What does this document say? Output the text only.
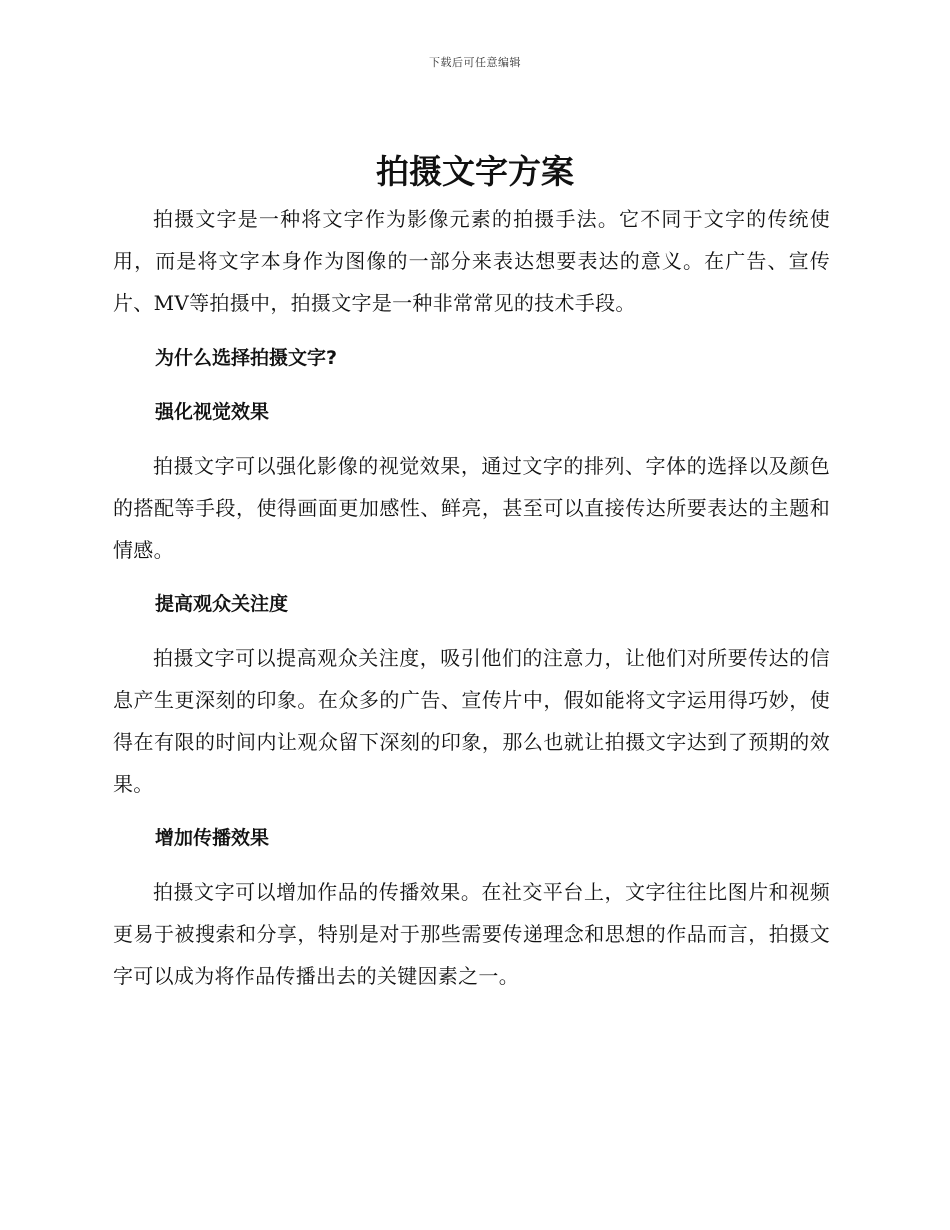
下载后可任意编辑
拍摄文字方案

拍摄文字是一种将文字作为影像元素的拍摄手法。它不同于文字的传统使用，而是将文字本身作为图像的一部分来表达想要表达的意义。在广告、宣传片、MV等拍摄中，拍摄文字是一种非常常见的技术手段。

为什么选择拍摄文字?
强化视觉效果

拍摄文字可以强化影像的视觉效果，通过文字的排列、字体的选择以及颜色的搭配等手段，使得画面更加感性、鲜亮，甚至可以直接传达所要表达的主题和情感。

提高观众关注度

拍摄文字可以提高观众关注度，吸引他们的注意力，让他们对所要传达的信息产生更深刻的印象。在众多的广告、宣传片中，假如能将文字运用得巧妙，使得在有限的时间内让观众留下深刻的印象，那么也就让拍摄文字达到了预期的效果。

增加传播效果

拍摄文字可以增加作品的传播效果。在社交平台上，文字往往比图片和视频更易于被搜索和分享，特别是对于那些需要传递理念和思想的作品而言，拍摄文字可以成为将作品传播出去的关键因素之一。
